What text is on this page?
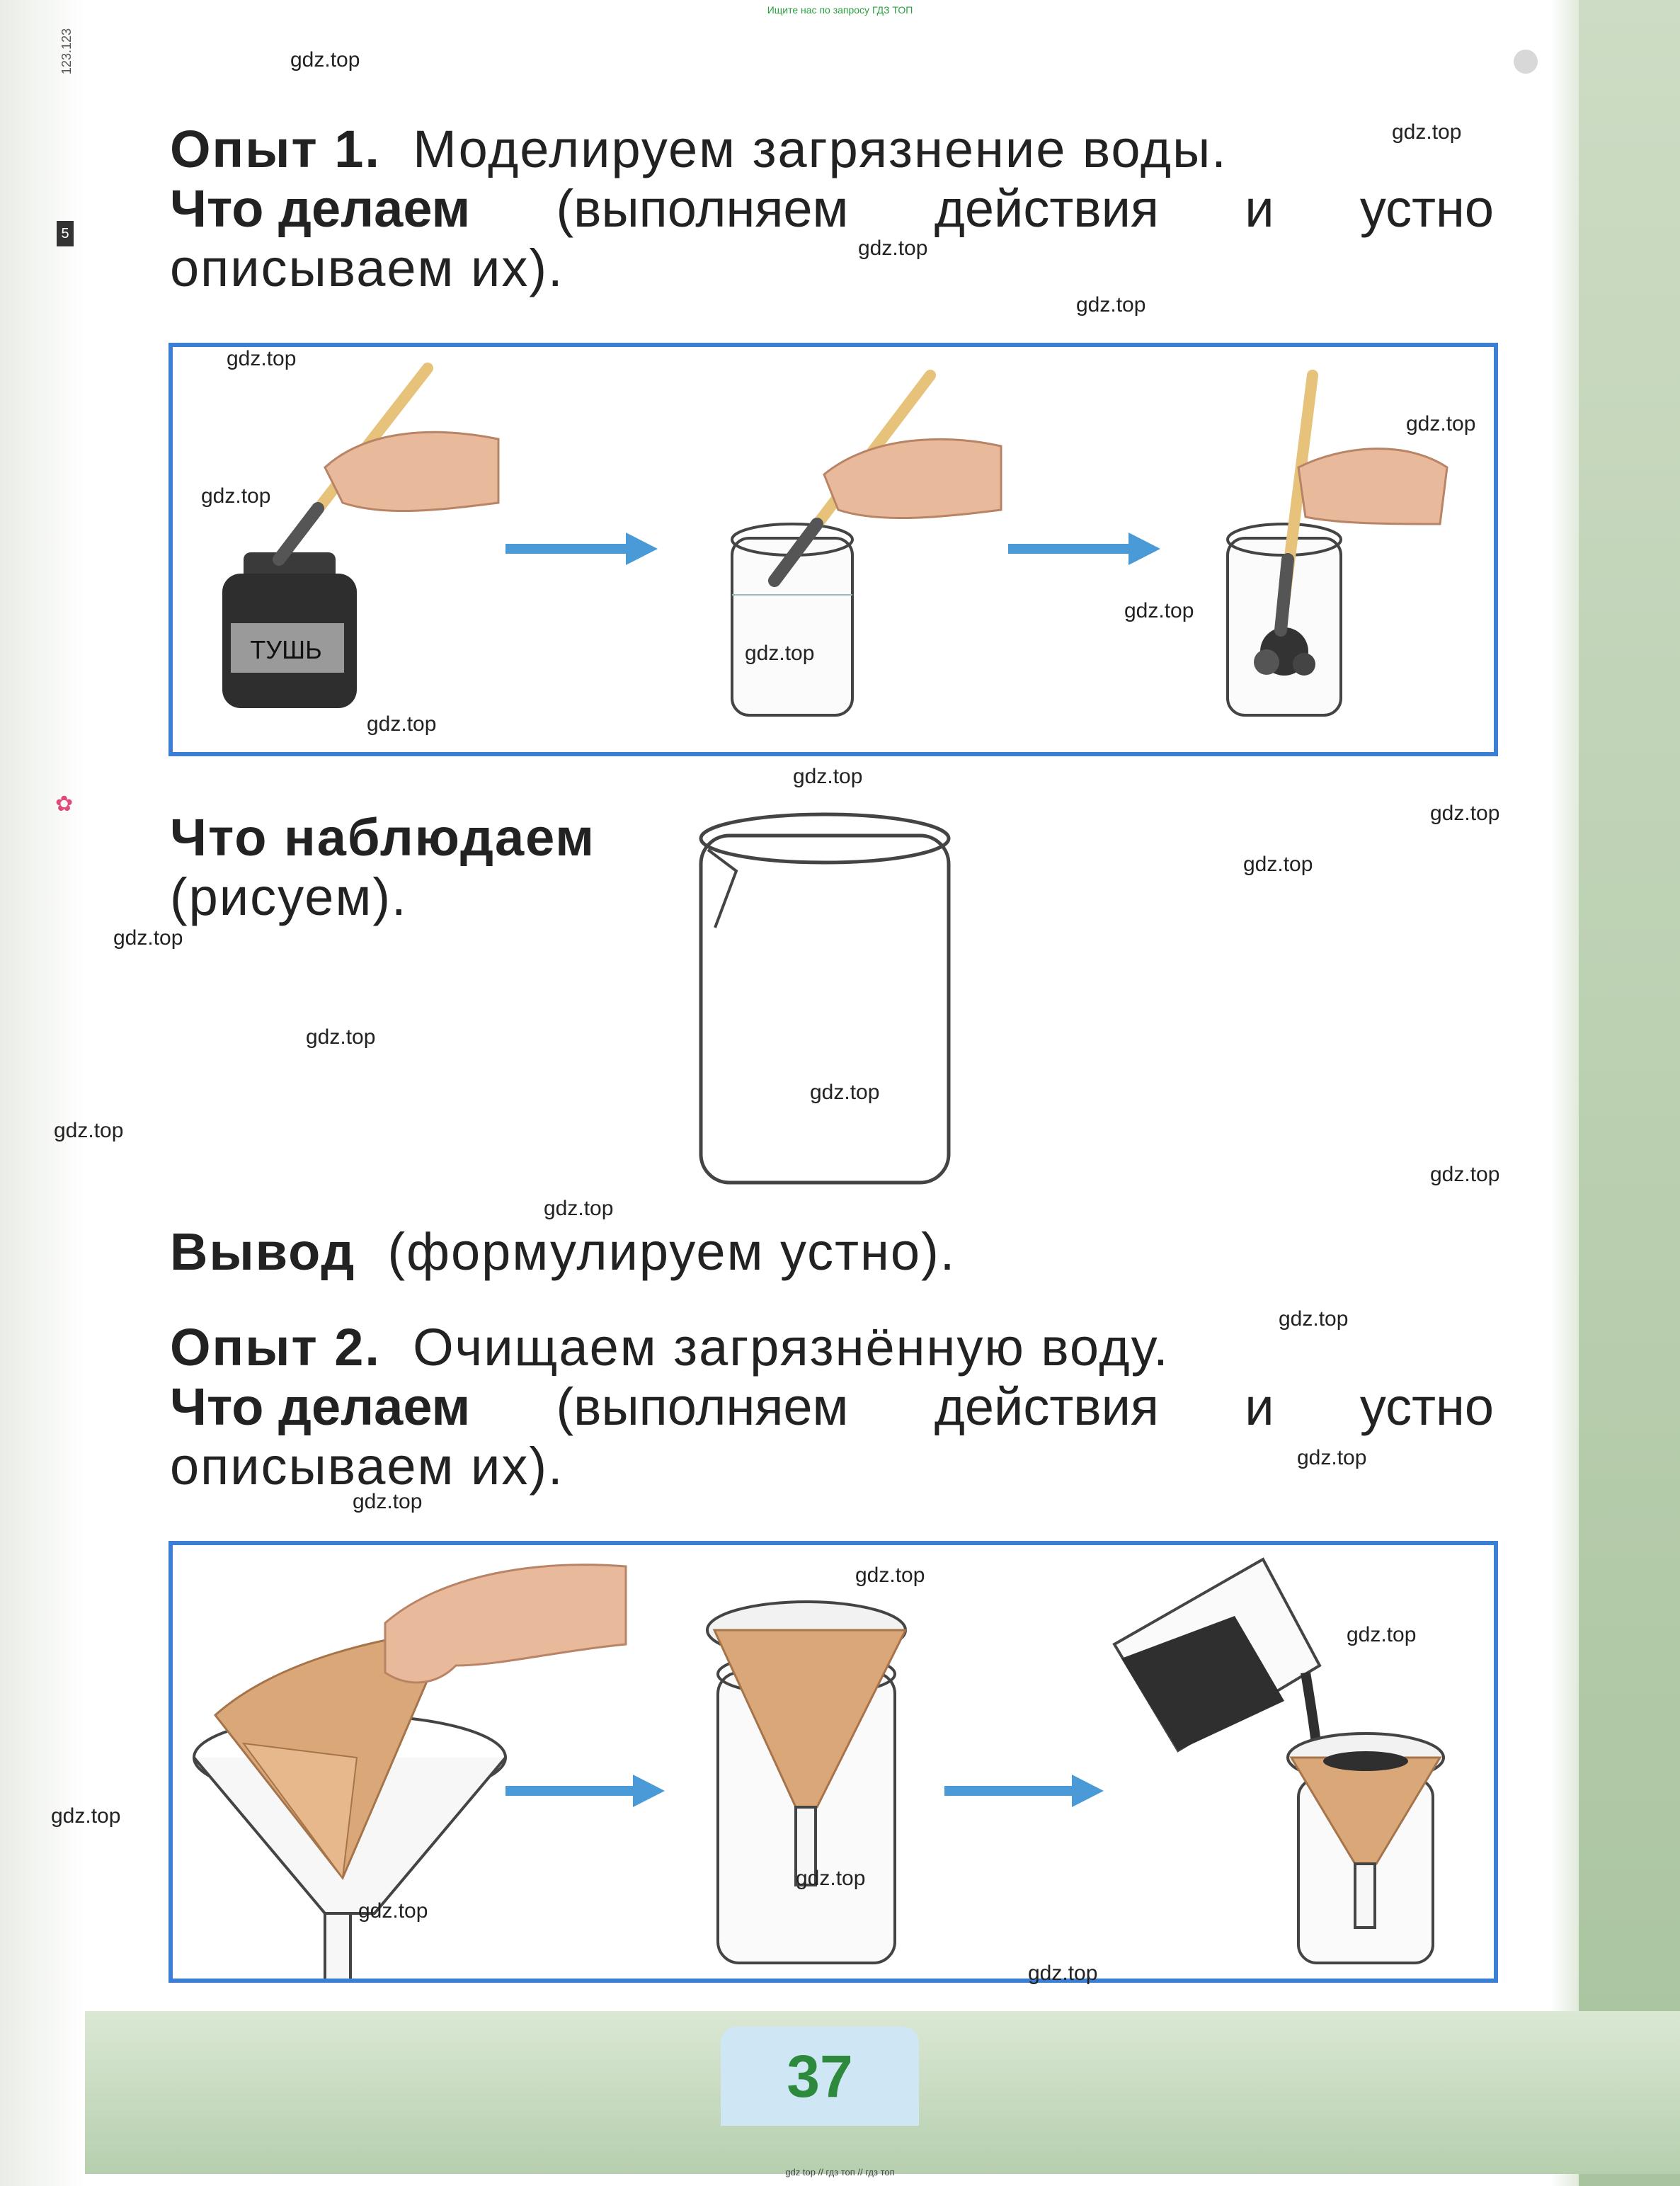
Ищите нас по запросу ГДЗ ТОП
123.123
5
✿
Опыт 1. Моделируем загрязнение воды.
Что делаем (выполняем действия и устно
описываем их).
ТУШЬ
Что наблюдаем
(рисуем).
Вывод (формулируем устно).
Опыт 2. Очищаем загрязнённую воду.
Что делаем (выполняем действия и устно
описываем их).
37
gdz top // гдз топ // гдз топ
gdz.top
gdz.top
gdz.top
gdz.top
gdz.top
gdz.top
gdz.top
gdz.top
gdz.top
gdz.top
gdz.top
gdz.top
gdz.top
gdz.top
gdz.top
gdz.top
gdz.top
gdz.top
gdz.top
gdz.top
gdz.top
gdz.top
gdz.top
gdz.top
gdz.top
gdz.top
gdz.top
gdz.top
